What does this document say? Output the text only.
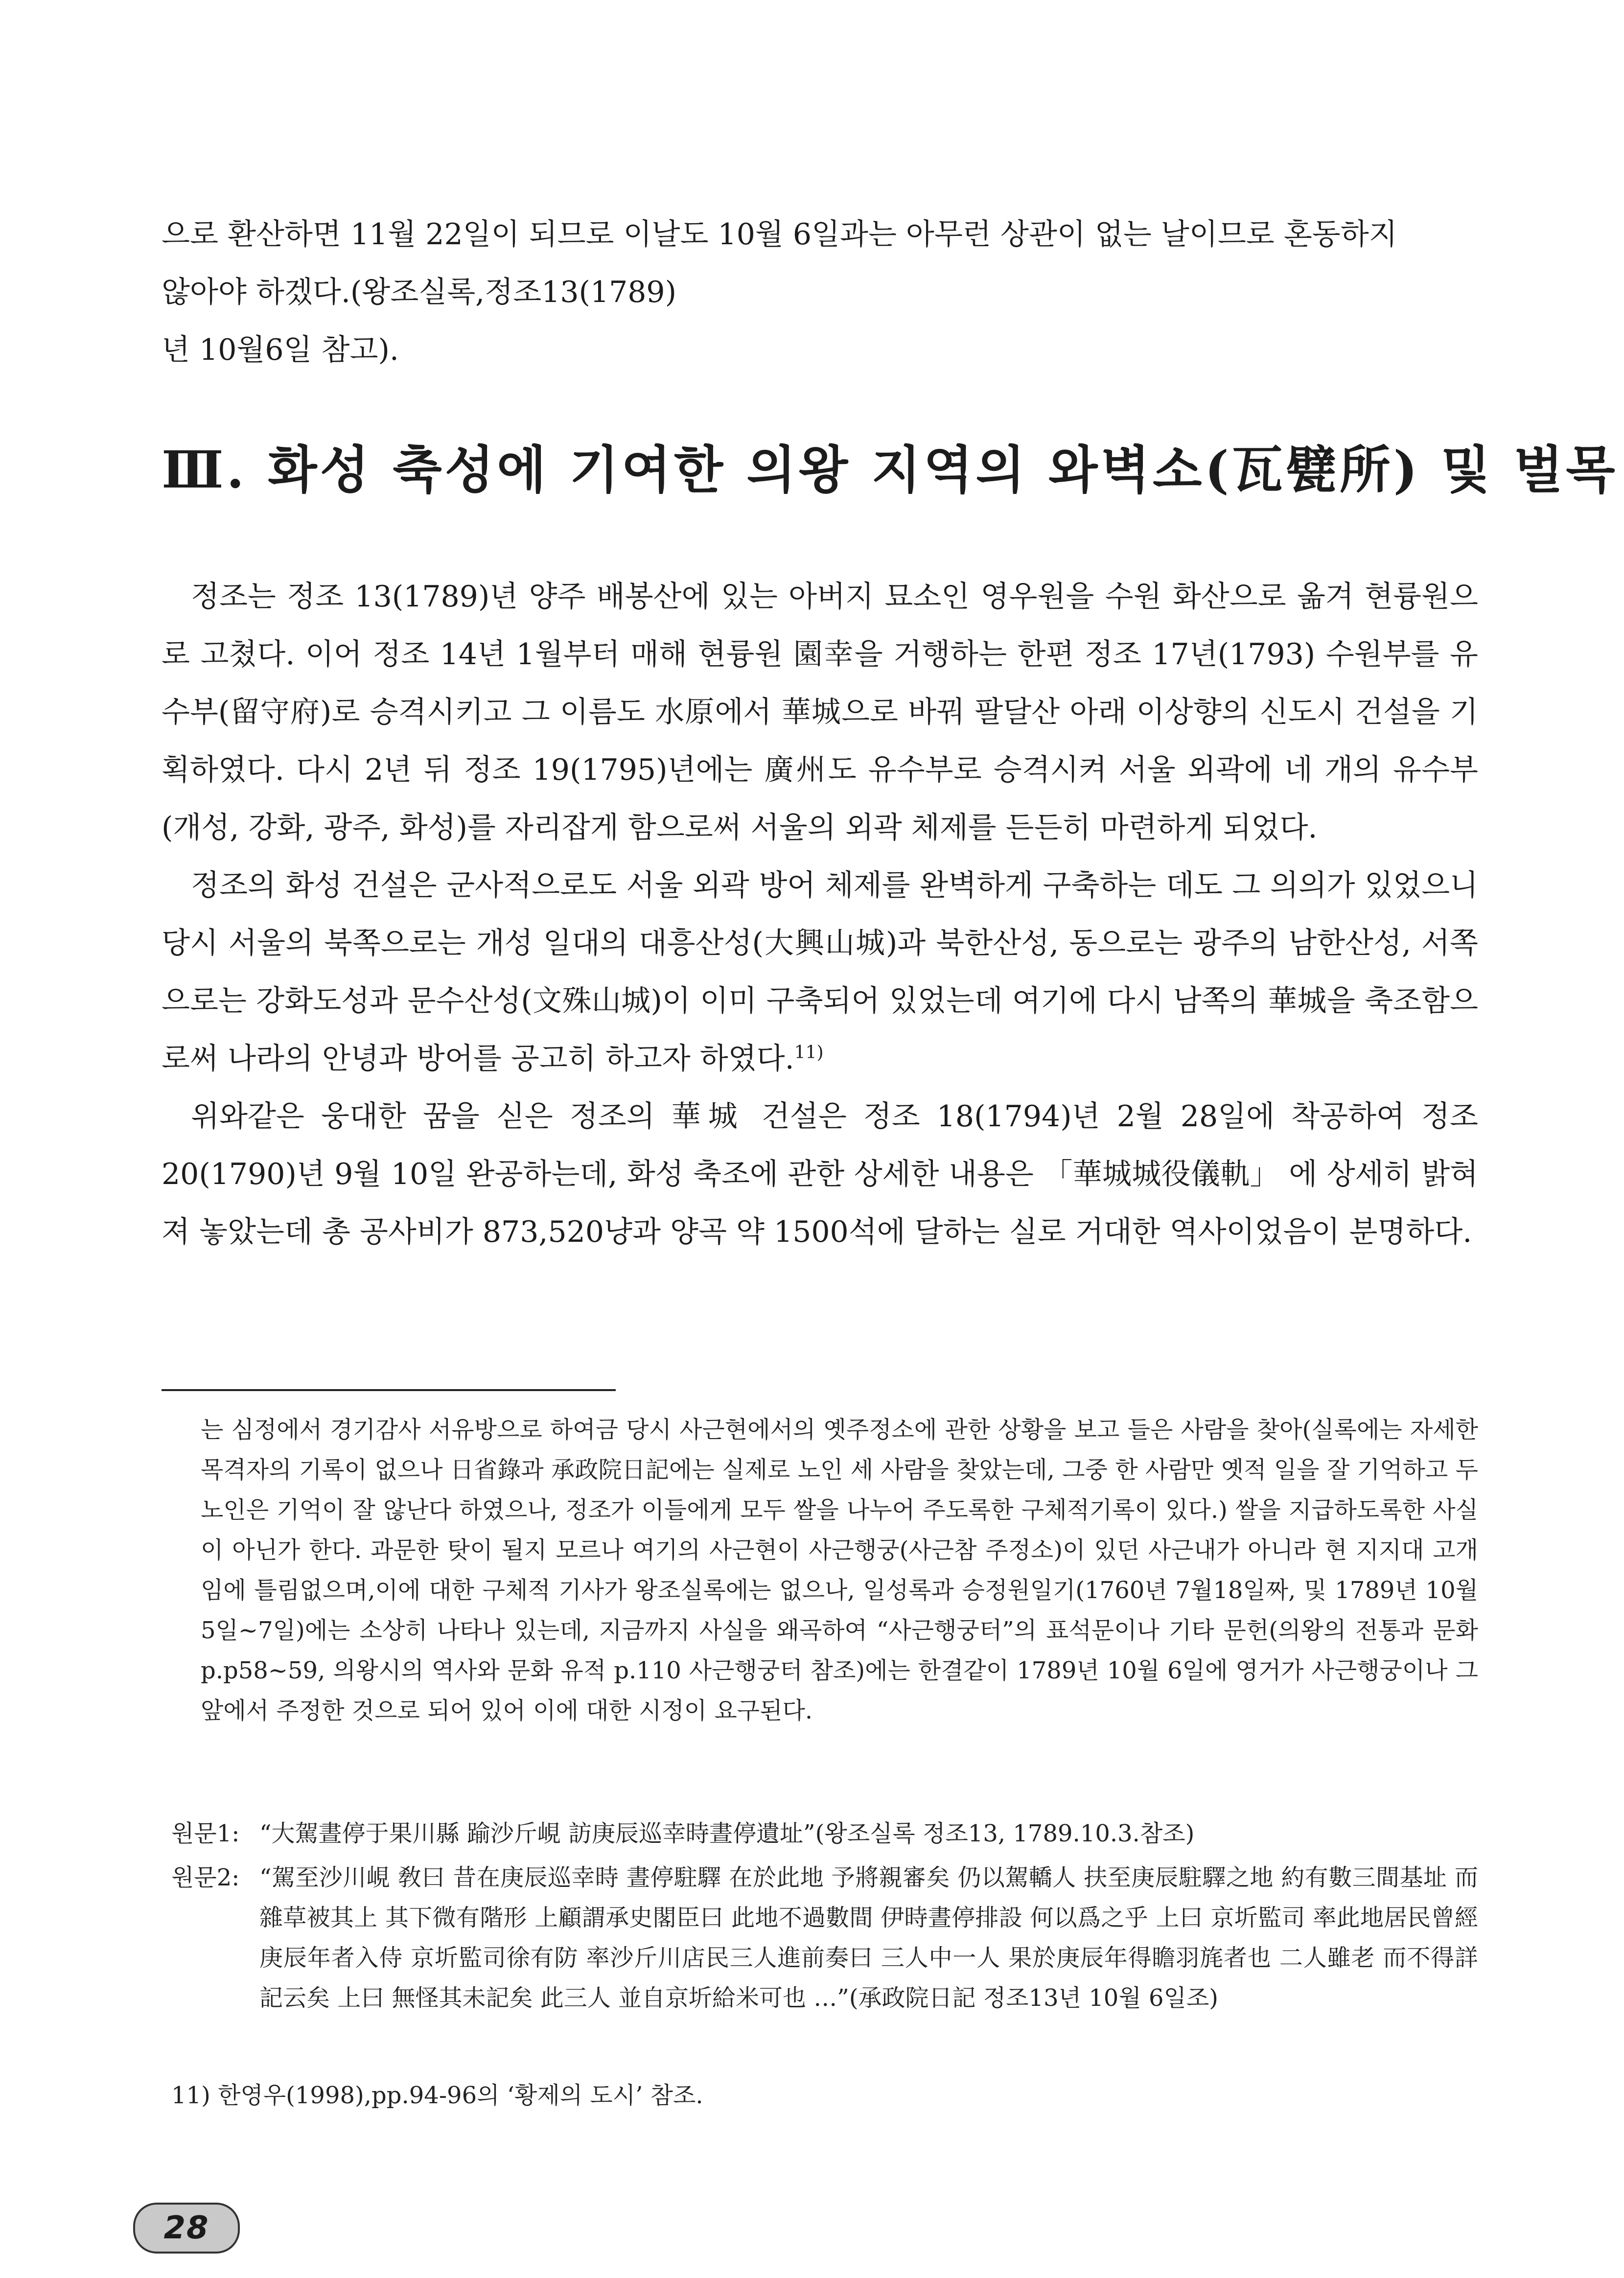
으로 환산하면 11월 22일이 되므로 이날도 10월 6일과는 아무런 상관이 없는 날이므로 혼동하지
않아야 하겠다.(왕조실록,정조13(1789)
년 10월6일 참고).
Ⅲ. 화성 축성에 기여한 의왕 지역의 와벽소(瓦甓所) 및 벌목

정조는 정조 13(1789)년 양주 배봉산에 있는 아버지 묘소인 영우원을 수원 화산으로 옮겨 현륭원으로 고쳤다. 이어 정조 14년 1월부터 매해 현륭원 園幸을 거행하는 한편 정조 17년(1793) 수원부를 유수부(留守府)로 승격시키고 그 이름도 水原에서 華城으로 바꿔 팔달산 아래 이상향의 신도시 건설을 기획하였다. 다시 2년 뒤 정조 19(1795)년에는 廣州도 유수부로 승격시켜 서울 외곽에 네 개의 유수부(개성, 강화, 광주, 화성)를 자리잡게 함으로써 서울의 외곽 체제를 든든히 마련하게 되었다.

정조의 화성 건설은 군사적으로도 서울 외곽 방어 체제를 완벽하게 구축하는 데도 그 의의가 있었으니 당시 서울의 북쪽으로는 개성 일대의 대흥산성(大興山城)과 북한산성, 동으로는 광주의 남한산성, 서쪽으로는 강화도성과 문수산성(文殊山城)이 이미 구축되어 있었는데 여기에 다시 남쪽의 華城을 축조함으로써 나라의 안녕과 방어를 공고히 하고자 하였다.$^{11)}$

위와같은 웅대한 꿈을 싣은 정조의 華城 건설은 정조 18(1794)년 2월 28일에 착공하여 정조 20(1790)년 9월 10일 완공하는데, 화성 축조에 관한 상세한 내용은 「華城城役儀軌」 에 상세히 밝혀져 놓았는데 총 공사비가 873,520냥과 양곡 약 1500석에 달하는 실로 거대한 역사이었음이 분명하다.

는 심정에서 경기감사 서유방으로 하여금 당시 사근현에서의 옛주정소에 관한 상황을 보고 들은 사람을 찾아(실록에는 자세한 목격자의 기록이 없으나 日省錄과 承政院日記에는 실제로 노인 세 사람을 찾았는데, 그중 한 사람만 옛적 일을 잘 기억하고 두 노인은 기억이 잘 않난다 하였으나, 정조가 이들에게 모두 쌀을 나누어 주도록한 구체적기록이 있다.) 쌀을 지급하도록한 사실이 아닌가 한다. 과문한 탓이 될지 모르나 여기의 사근현이 사근행궁(사근참 주정소)이 있던 사근내가 아니라 현 지지대 고개임에 틀림없으며,이에 대한 구체적 기사가 왕조실록에는 없으나, 일성록과 승정원일기(1760년 7월18일짜, 및 1789년 10월 5일~7일)에는 소상히 나타나 있는데, 지금까지 사실을 왜곡하여 “사근행궁터”의 표석문이나 기타 문헌(의왕의 전통과 문화 p.p58~59, 의왕시의 역사와 문화 유적 p.110 사근행궁터 참조)에는 한결같이 1789년 10월 6일에 영거가 사근행궁이나 그 앞에서 주정한 것으로 되어 있어 이에 대한 시정이 요구된다.

원문1: “大駕晝停于果川縣 踰沙斤峴 訪庚辰巡幸時晝停遺址”(왕조실록 정조13, 1789.10.3.참조)
원문2: “駕至沙川峴 敎曰 昔在庚辰巡幸時 晝停駐驛 在於此地 予將親審矣 仍以駕轎人 扶至庚辰駐驛之地 約有數三間基址 而雜草被其上 其下微有階形 上顧謂承史閣臣曰 此地不過數間 伊時晝停排設 何以爲之乎 上曰 京圻監司 率此地居民曾經庚辰年者入侍 京圻監司徐有防 率沙斤川店民三人進前奏曰 三人中一人 果於庚辰年得瞻羽旄者也 二人雖老 而不得詳記云矣 上曰 無怪其未記矣 此三人 並自京圻給米可也 …”(承政院日記 정조13년 10월 6일조)

11) 한영우(1998),pp.94-96의 ‘황제의 도시’ 참조.

28
